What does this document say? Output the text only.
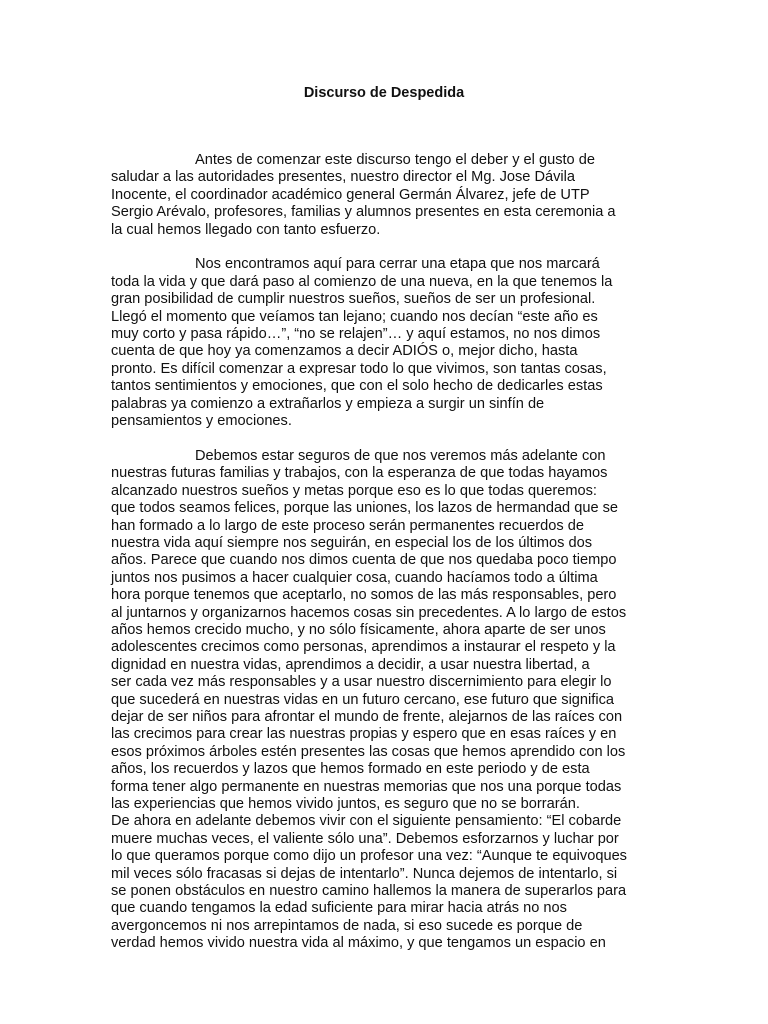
Discurso de Despedida
Antes de comenzar este discurso tengo el deber y el gusto de
saludar a las autoridades presentes, nuestro director el Mg. Jose Dávila
Inocente, el coordinador académico general Germán Álvarez, jefe de UTP
Sergio Arévalo, profesores, familias y alumnos presentes en esta ceremonia a
la cual hemos llegado con tanto esfuerzo.
Nos encontramos aquí para cerrar una etapa que nos marcará
toda la vida y que dará paso al comienzo de una nueva, en la que tenemos la
gran posibilidad de cumplir nuestros sueños, sueños de ser un profesional.
Llegó el momento que veíamos tan lejano; cuando nos decían “este año es
muy corto y pasa rápido…”, “no se relajen”… y aquí estamos, no nos dimos
cuenta de que hoy ya comenzamos a decir ADIÓS o, mejor dicho, hasta
pronto. Es difícil comenzar a expresar todo lo que vivimos, son tantas cosas,
tantos sentimientos y emociones, que con el solo hecho de dedicarles estas
palabras ya comienzo a extrañarlos y empieza a surgir un sinfín de
pensamientos y emociones.
Debemos estar seguros de que nos veremos más adelante con
nuestras futuras familias y trabajos, con la esperanza de que todas hayamos
alcanzado nuestros sueños y metas porque eso es lo que todas queremos:
que todos seamos felices, porque las uniones, los lazos de hermandad que se
han formado a lo largo de este proceso serán permanentes recuerdos de
nuestra vida aquí siempre nos seguirán, en especial los de los últimos dos
años. Parece que cuando nos dimos cuenta de que nos quedaba poco tiempo
juntos nos pusimos a hacer cualquier cosa, cuando hacíamos todo a última
hora porque tenemos que aceptarlo, no somos de las más responsables, pero
al juntarnos y organizarnos hacemos cosas sin precedentes. A lo largo de estos
años hemos crecido mucho, y no sólo físicamente, ahora aparte de ser unos
adolescentes crecimos como personas, aprendimos a instaurar el respeto y la
dignidad en nuestra vidas, aprendimos a decidir, a usar nuestra libertad, a
ser cada vez más responsables y a usar nuestro discernimiento para elegir lo
que sucederá en nuestras vidas en un futuro cercano, ese futuro que significa
dejar de ser niños para afrontar el mundo de frente, alejarnos de las raíces con
las crecimos para crear las nuestras propias y espero que en esas raíces y en
esos próximos árboles estén presentes las cosas que hemos aprendido con los
años, los recuerdos y lazos que hemos formado en este periodo y de esta
forma tener algo permanente en nuestras memorias que nos una porque todas
las experiencias que hemos vivido juntos, es seguro que no se borrarán.
De ahora en adelante debemos vivir con el siguiente pensamiento: “El cobarde
muere muchas veces, el valiente sólo una”. Debemos esforzarnos y luchar por
lo que queramos porque como dijo un profesor una vez: “Aunque te equivoques
mil veces sólo fracasas si dejas de intentarlo”. Nunca dejemos de intentarlo, si
se ponen obstáculos en nuestro camino hallemos la manera de superarlos para
que cuando tengamos la edad suficiente para mirar hacia atrás no nos
avergoncemos ni nos arrepintamos de nada, si eso sucede es porque de
verdad hemos vivido nuestra vida al máximo, y que tengamos un espacio en
